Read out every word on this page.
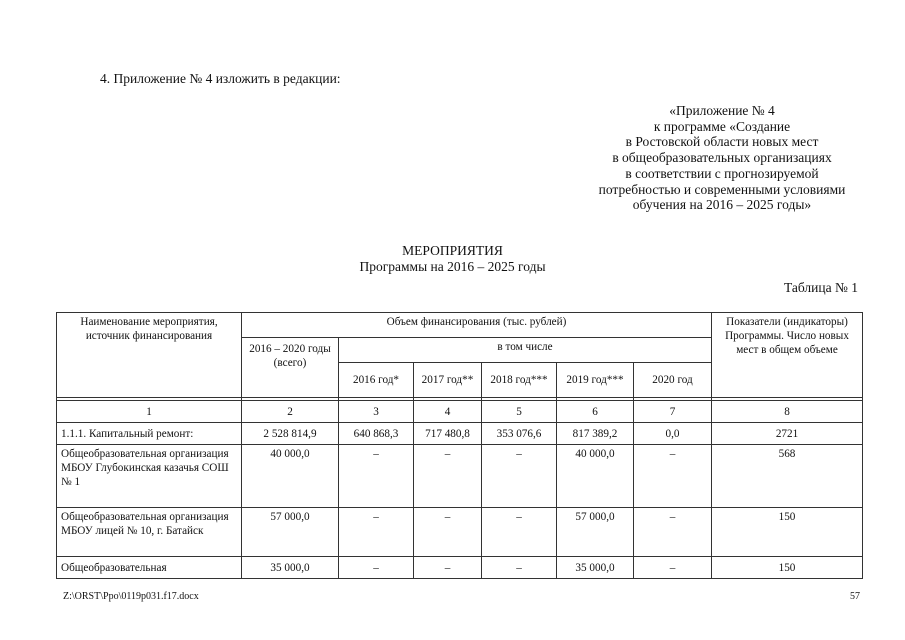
4. Приложение № 4 изложить в редакции:
«Приложение № 4
к программе «Создание
в Ростовской области новых мест
в общеобразовательных организациях
в соответствии с прогнозируемой
потребностью и современными условиями
обучения на 2016 – 2025 годы»
МЕРОПРИЯТИЯ
Программы на 2016 – 2025 годы
Таблица № 1
Наименование мероприятия, источник финансирования	Объем финансирования (тыс. рублей)						Показатели (индикаторы) Программы. Число новых мест в общем объеме
	2016 – 2020 годы (всего)	в том числе					
		2016 год*	2017 год**	2018 год***	2019 год***	2020 год	

1	2	3	4	5	6	7	8
1.1.1. Капитальный ремонт:	2 528 814,9	640 868,3	717 480,8	353 076,6	817 389,2	0,0	2721
Общеобразовательная организация МБОУ Глубокинская казачья СОШ № 1	40 000,0	–	–	–	40 000,0	–	568
Общеобразовательная организация МБОУ лицей № 10, г. Батайск	57 000,0	–	–	–	57 000,0	–	150
Общеобразовательная	35 000,0	–	–	–	35 000,0	–	150
Z:\ORST\Ppo\0119p031.f17.docx	57
